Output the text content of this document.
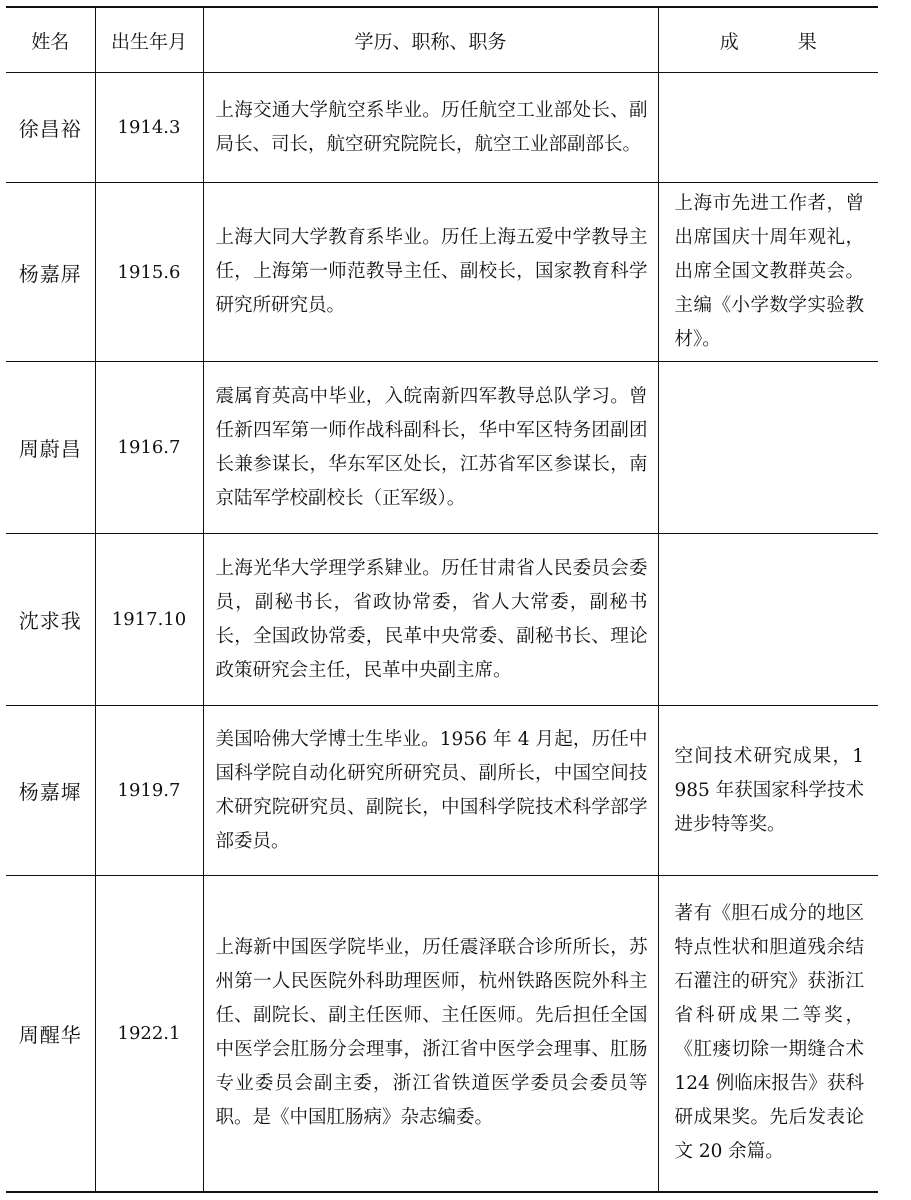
姓名	出生年月	学历、职称、职务	成　果
徐昌裕	1914.3	上海交通大学航空系毕业。历任航空工业部处长、副局长、司长，航空研究院院长，航空工业部副部长。	
杨嘉屏	1915.6	上海大同大学教育系毕业。历任上海五爱中学教导主任，上海第一师范教导主任、副校长，国家教育科学研究所研究员。	上海市先进工作者，曾出席国庆十周年观礼，出席全国文教群英会。主编《小学数学实验教材》。
周蔚昌	1916.7	震属育英高中毕业，入皖南新四军教导总队学习。曾任新四军第一师作战科副科长，华中军区特务团副团长兼参谋长，华东军区处长，江苏省军区参谋长，南京陆军学校副校长（正军级）。	
沈求我	1917.10	上海光华大学理学系肄业。历任甘肃省人民委员会委员，副秘书长，省政协常委，省人大常委，副秘书长，全国政协常委，民革中央常委、副秘书长、理论政策研究会主任，民革中央副主席。	
杨嘉墀	1919.7	美国哈佛大学博士生毕业。1956 年 4 月起，历任中国科学院自动化研究所研究员、副所长，中国空间技术研究院研究员、副院长，中国科学院技术科学部学部委员。	空间技术研究成果，1985 年获国家科学技术进步特等奖。
周醒华	1922.1	上海新中国医学院毕业，历任震泽联合诊所所长，苏州第一人民医院外科助理医师，杭州铁路医院外科主任、副院长、副主任医师、主任医师。先后担任全国中医学会肛肠分会理事，浙江省中医学会理事、肛肠专业委员会副主委，浙江省铁道医学委员会委员等职。是《中国肛肠病》杂志编委。	著有《胆石成分的地区特点性状和胆道残余结石灌注的研究》获浙江省科研成果二等奖，《肛瘘切除一期缝合术 124 例临床报告》获科研成果奖。先后发表论文 20 余篇。
